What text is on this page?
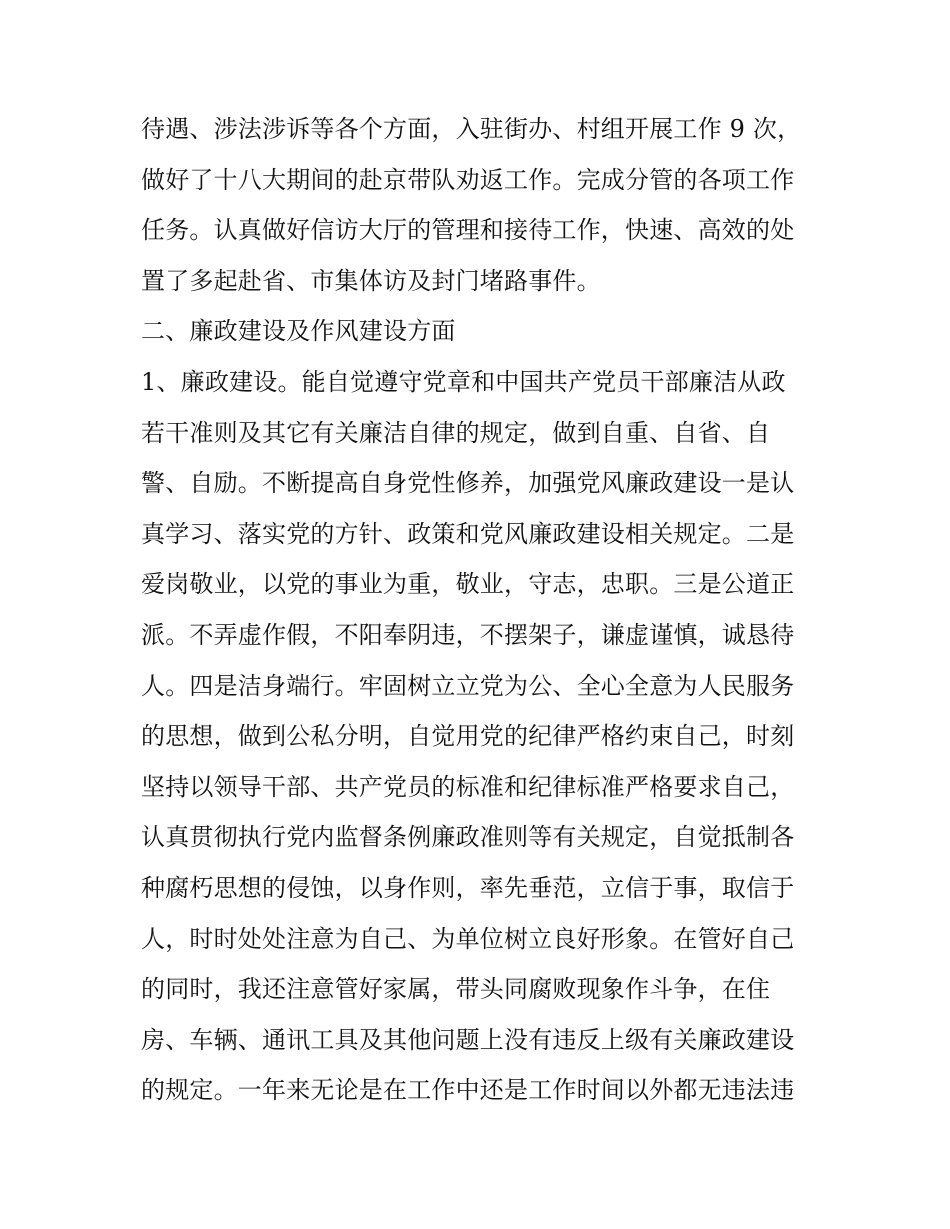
待遇、涉法涉诉等各个方面，入驻街办、村组开展工作 9 次，
做好了十八大期间的赴京带队劝返工作。完成分管的各项工作
任务。认真做好信访大厅的管理和接待工作，快速、高效的处
置了多起赴省、市集体访及封门堵路事件。
二、廉政建设及作风建设方面
1、廉政建设。能自觉遵守党章和中国共产党员干部廉洁从政
若干准则及其它有关廉洁自律的规定，做到自重、自省、自
警、自励。不断提高自身党性修养，加强党风廉政建设一是认
真学习、落实党的方针、政策和党风廉政建设相关规定。二是
爱岗敬业，以党的事业为重，敬业，守志，忠职。三是公道正
派。不弄虚作假，不阳奉阴违，不摆架子，谦虚谨慎，诚恳待
人。四是洁身端行。牢固树立立党为公、全心全意为人民服务
的思想，做到公私分明，自觉用党的纪律严格约束自己，时刻
坚持以领导干部、共产党员的标准和纪律标准严格要求自己，
认真贯彻执行党内监督条例廉政准则等有关规定，自觉抵制各
种腐朽思想的侵蚀，以身作则，率先垂范，立信于事，取信于
人，时时处处注意为自己、为单位树立良好形象。在管好自己
的同时，我还注意管好家属，带头同腐败现象作斗争，在住
房、车辆、通讯工具及其他问题上没有违反上级有关廉政建设
的规定。一年来无论是在工作中还是工作时间以外都无违法违
